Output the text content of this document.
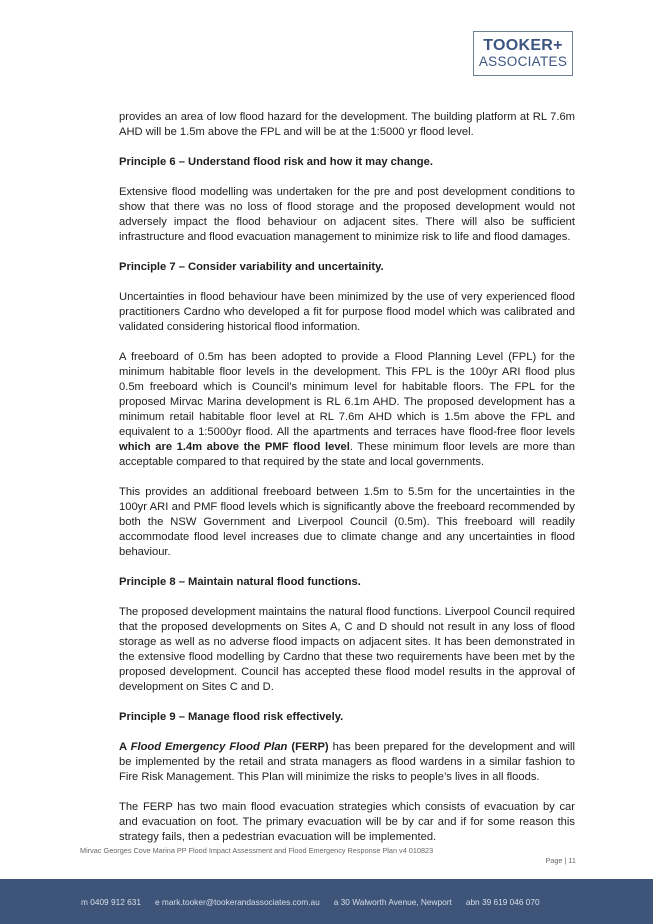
TOOKER+
ASSOCIATES

provides an area of low flood hazard for the development. The building platform at RL 7.6m AHD will be 1.5m above the FPL and will be at the 1:5000 yr flood level.

Principle 6 – Understand flood risk and how it may change.

Extensive flood modelling was undertaken for the pre and post development conditions to show that there was no loss of flood storage and the proposed development would not adversely impact the flood behaviour on adjacent sites. There will also be sufficient infrastructure and flood evacuation management to minimize risk to life and flood damages.

Principle 7 – Consider variability and uncertainity.

Uncertainties in flood behaviour have been minimized by the use of very experienced flood practitioners Cardno who developed a fit for purpose flood model which was calibrated and validated considering historical flood information.

A freeboard of 0.5m has been adopted to provide a Flood Planning Level (FPL) for the minimum habitable floor levels in the development. This FPL is the 100yr ARI flood plus 0.5m freeboard which is Council’s minimum level for habitable floors. The FPL for the proposed Mirvac Marina development is RL 6.1m AHD. The proposed development has a minimum retail habitable floor level at RL 7.6m AHD which is 1.5m above the FPL and equivalent to a 1:5000yr flood. All the apartments and terraces have flood-free floor levels which are 1.4m above the PMF flood level. These minimum floor levels are more than acceptable compared to that required by the state and local governments.

This provides an additional freeboard between 1.5m to 5.5m for the uncertainties in the 100yr ARI and PMF flood levels which is significantly above the freeboard recommended by both the NSW Government and Liverpool Council (0.5m). This freeboard will readily accommodate flood level increases due to climate change and any uncertainties in flood behaviour.

Principle 8 – Maintain natural flood functions.

The proposed development maintains the natural flood functions. Liverpool Council required that the proposed developments on Sites A, C and D should not result in any loss of flood storage as well as no adverse flood impacts on adjacent sites. It has been demonstrated in the extensive flood modelling by Cardno that these two requirements have been met by the proposed development. Council has accepted these flood model results in the approval of development on Sites C and D.

Principle 9 – Manage flood risk effectively.

A Flood Emergency Flood Plan (FERP) has been prepared for the development and will be implemented by the retail and strata managers as flood wardens in a similar fashion to Fire Risk Management. This Plan will minimize the risks to people’s lives in all floods.

The FERP has two main flood evacuation strategies which consists of evacuation by car and evacuation on foot. The primary evacuation will be by car and if for some reason this strategy fails, then a pedestrian evacuation will be implemented.

Mirvac Georges Cove Marina PP Flood Impact Assessment and Flood Emergency Response Plan v4 010823
Page | 11
m 0409 912 631 e mark.tooker@tookerandassociates.com.au a 30 Walworth Avenue, Newport abn 39 619 046 070
